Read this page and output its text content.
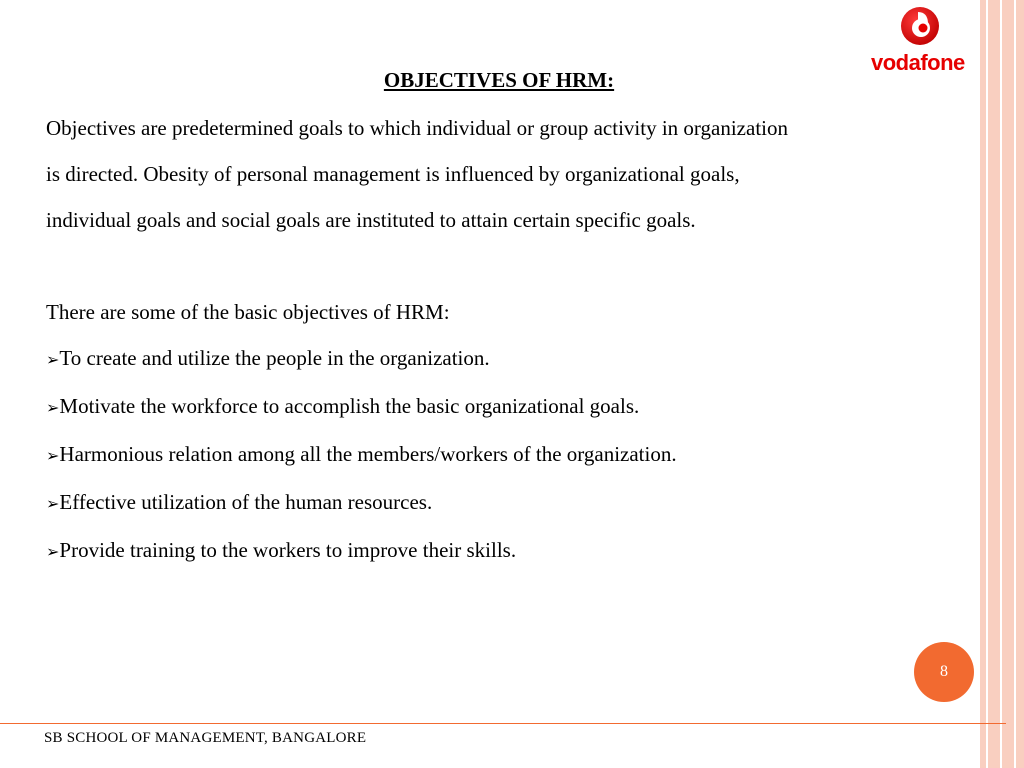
vodafone
OBJECTIVES OF HRM:

Objectives are predetermined goals to which individual or group activity in organization

is directed. Obesity of personal management is influenced by organizational goals,

individual goals and social goals are instituted to attain certain specific goals.

There are some of the basic objectives of HRM:

➢To create and utilize the people in the organization.

➢Motivate the workforce to accomplish the basic organizational goals.

➢Harmonious relation among all the members/workers of the organization.

➢Effective utilization of the human resources.

➢Provide training to the workers to improve their skills.

8
SB SCHOOL OF MANAGEMENT, BANGALORE
